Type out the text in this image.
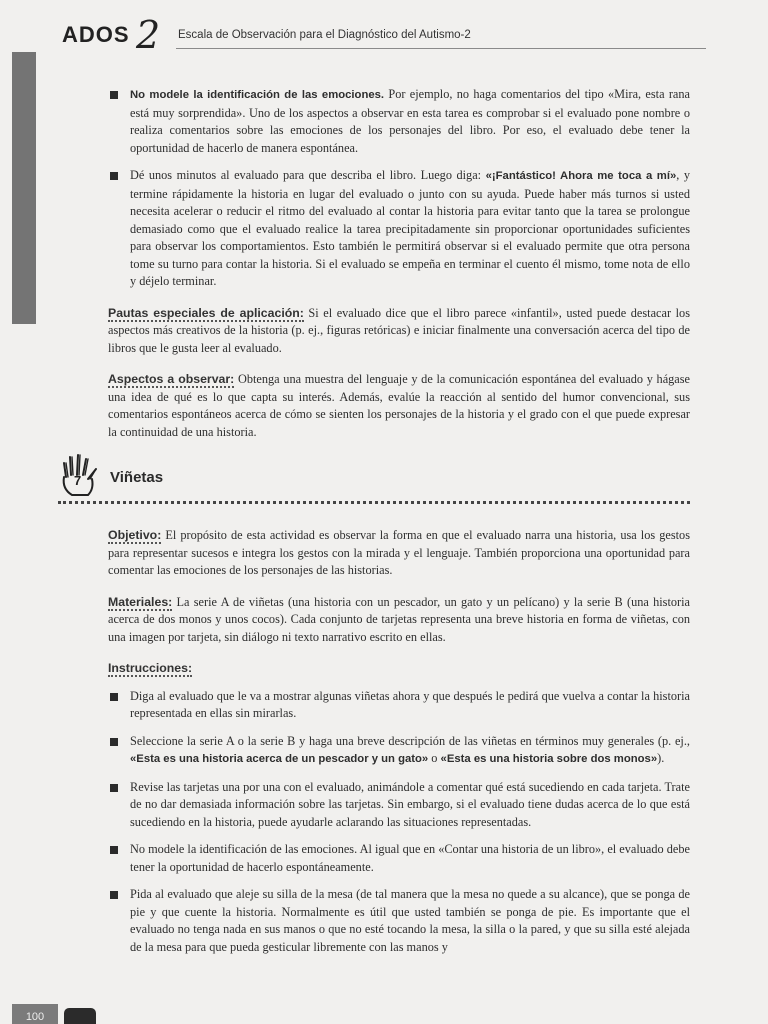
ADOS 2 Escala de Observación para el Diagnóstico del Autismo-2

No modele la identificación de las emociones. Por ejemplo, no haga comentarios del tipo «Mira, esta rana está muy sorprendida». Uno de los aspectos a observar en esta tarea es comprobar si el evaluado pone nombre o realiza comentarios sobre las emociones de los personajes del libro. Por eso, el evaluado debe tener la oportunidad de hacerlo de manera espontánea.

Dé unos minutos al evaluado para que describa el libro. Luego diga: «¡Fantástico! Ahora me toca a mí», y termine rápidamente la historia en lugar del evaluado o junto con su ayuda. Puede haber más turnos si usted necesita acelerar o reducir el ritmo del evaluado al contar la historia para evitar tanto que la tarea se prolongue demasiado como que el evaluado realice la tarea precipitadamente sin proporcionar oportunidades suficientes para observar los comportamientos. Esto también le permitirá observar si el evaluado permite que otra persona tome su turno para contar la historia. Si el evaluado se empeña en terminar el cuento él mismo, tome nota de ello y déjelo terminar.

Pautas especiales de aplicación: Si el evaluado dice que el libro parece «infantil», usted puede destacar los aspectos más creativos de la historia (p. ej., figuras retóricas) e iniciar finalmente una conversación acerca del tipo de libros que le gusta leer al evaluado.

Aspectos a observar: Obtenga una muestra del lenguaje y de la comunicación espontánea del evaluado y hágase una idea de qué es lo que capta su interés. Además, evalúe la reacción al sentido del humor convencional, sus comentarios espontáneos acerca de cómo se sienten los personajes de la historia y el grado con el que puede expresar la continuidad de una historia.

7 Viñetas

Objetivo: El propósito de esta actividad es observar la forma en que el evaluado narra una historia, usa los gestos para representar sucesos e integra los gestos con la mirada y el lenguaje. También proporciona una oportunidad para comentar las emociones de los personajes de las historias.

Materiales: La serie A de viñetas (una historia con un pescador, un gato y un pelícano) y la serie B (una historia acerca de dos monos y unos cocos). Cada conjunto de tarjetas representa una breve historia en forma de viñetas, con una imagen por tarjeta, sin diálogo ni texto narrativo escrito en ellas.

Instrucciones:

Diga al evaluado que le va a mostrar algunas viñetas ahora y que después le pedirá que vuelva a contar la historia representada en ellas sin mirarlas.

Seleccione la serie A o la serie B y haga una breve descripción de las viñetas en términos muy generales (p. ej., «Esta es una historia acerca de un pescador y un gato» o «Esta es una historia sobre dos monos»).

Revise las tarjetas una por una con el evaluado, animándole a comentar qué está sucediendo en cada tarjeta. Trate de no dar demasiada información sobre las tarjetas. Sin embargo, si el evaluado tiene dudas acerca de lo que está sucediendo en la historia, puede ayudarle aclarando las situaciones representadas.

No modele la identificación de las emociones. Al igual que en «Contar una historia de un libro», el evaluado debe tener la oportunidad de hacerlo espontáneamente.

Pida al evaluado que aleje su silla de la mesa (de tal manera que la mesa no quede a su alcance), que se ponga de pie y que cuente la historia. Normalmente es útil que usted también se ponga de pie. Es importante que el evaluado no tenga nada en sus manos o que no esté tocando la mesa, la silla o la pared, y que su silla esté alejada de la mesa para que pueda gesticular libremente con las manos y

100
